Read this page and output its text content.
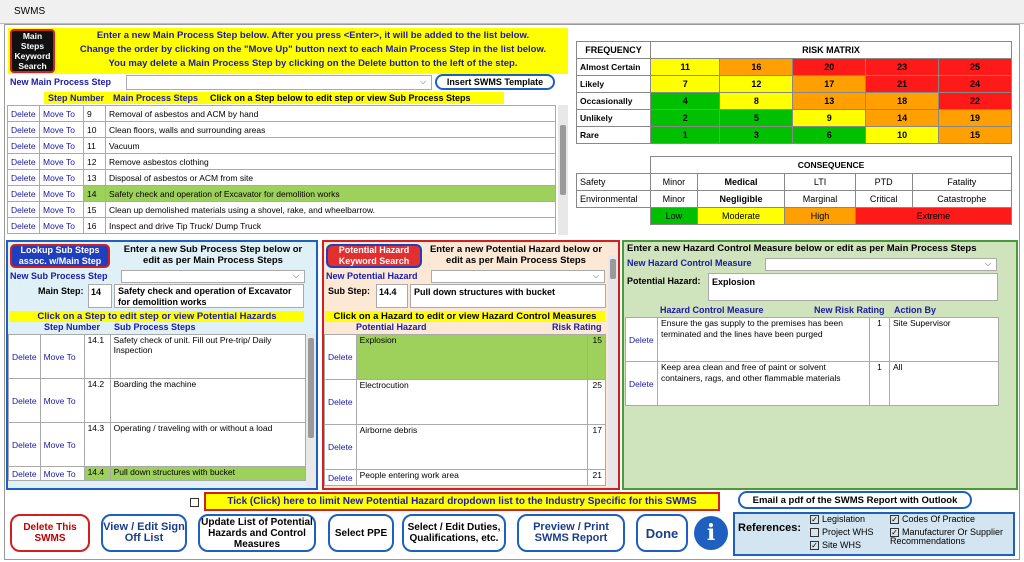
SWMS
Main Steps Keyword Search
Enter a new Main Process Step below. After you press <Enter>, it will be added to the list below.
Change the order by clicking on the "Move Up" button next to each Main Process Step in the list below.
You may delete a Main Process Step by clicking on the Delete button to the left of the step.
New Main Process Step	⌵	Insert SWMS Template
Step Number Main Process Steps Click on a Step below to edit step or view Sub Process Steps
Delete	Move To	9	Removal of asbestos and ACM by hand
Delete	Move To	10	Clean floors, walls and surrounding areas
Delete	Move To	11	Vacuum
Delete	Move To	12	Remove asbestos clothing
Delete	Move To	13	Disposal of asbestos or ACM from site
Delete	Move To	14	Safety check and operation of Excavator for demolition works
Delete	Move To	15	Clean up demolished materials using a shovel, rake, and wheelbarrow.
Delete	Move To	16	Inspect and drive Tip Truck/ Dump Truck
FREQUENCY	RISK MATRIX				
Almost Certain	11	16	20	23	25
Likely	7	12	17	21	24
Occasionally	4	8	13	18	22
Unlikely	2	5	9	14	19
Rare	1	3	6	10	15
	CONSEQUENCE				
Safety	Minor	Medical	LTI	PTD	Fatality
Environmental	Minor	Negligible	Marginal	Critical	Catastrophe
	Low	Moderate	High	Extreme	
Lookup Sub Steps assoc. w/Main Step
Enter a new Sub Process Step below or edit as per Main Process Steps
New Sub Process Step	⌵
Main Step: 14	Safety check and operation of Excavator for demolition works
Click on a Step to edit step or view Potential Hazards
Step Number Sub Process Steps
Delete	Move To	14.1	Safety check of unit. Fill out Pre-trip/ Daily Inspection
Delete	Move To	14.2	Boarding the machine
Delete	Move To	14.3	Operating / traveling with or without a load
Delete	Move To	14.4	Pull down structures with bucket
Potential Hazard Keyword Search
Enter a new Potential Hazard below or edit as per Main Process Steps
New Potential Hazard	⌵
Sub Step:	14.4	Pull down structures with bucket
Click on a Hazard to edit or view Hazard Control Measures
Potential Hazard	Risk Rating
Delete	Explosion	15
Delete	Electrocution	25
Delete	Airborne debris	17
Delete	People entering work area	21
Enter a new Hazard Control Measure below or edit as per Main Process Steps
New Hazard Control Measure	⌵
Potential Hazard:	Explosion
Hazard Control Measure	New Risk Rating Action By
Delete	Ensure the gas supply to the premises has been terminated and the lines have been purged	1	Site Supervisor
Delete	Keep area clean and free of paint or solvent containers, rags, and other flammable materials	1	All
Tick (Click) here to limit New Potential Hazard dropdown list to the Industry Specific for this SWMS	Email a pdf of the SWMS Report with Outlook
Delete This SWMS
View / Edit Sign Off List
Update List of Potential Hazards and Control Measures
Select PPE	Select / Edit Duties, Qualifications, etc.
Preview / Print SWMS Report	Done	i	References:
✓ Legislation	✓ Codes Of Practice
Project WHS ✓ Manufacturer Or Supplier Recommendations
✓ Site WHS
